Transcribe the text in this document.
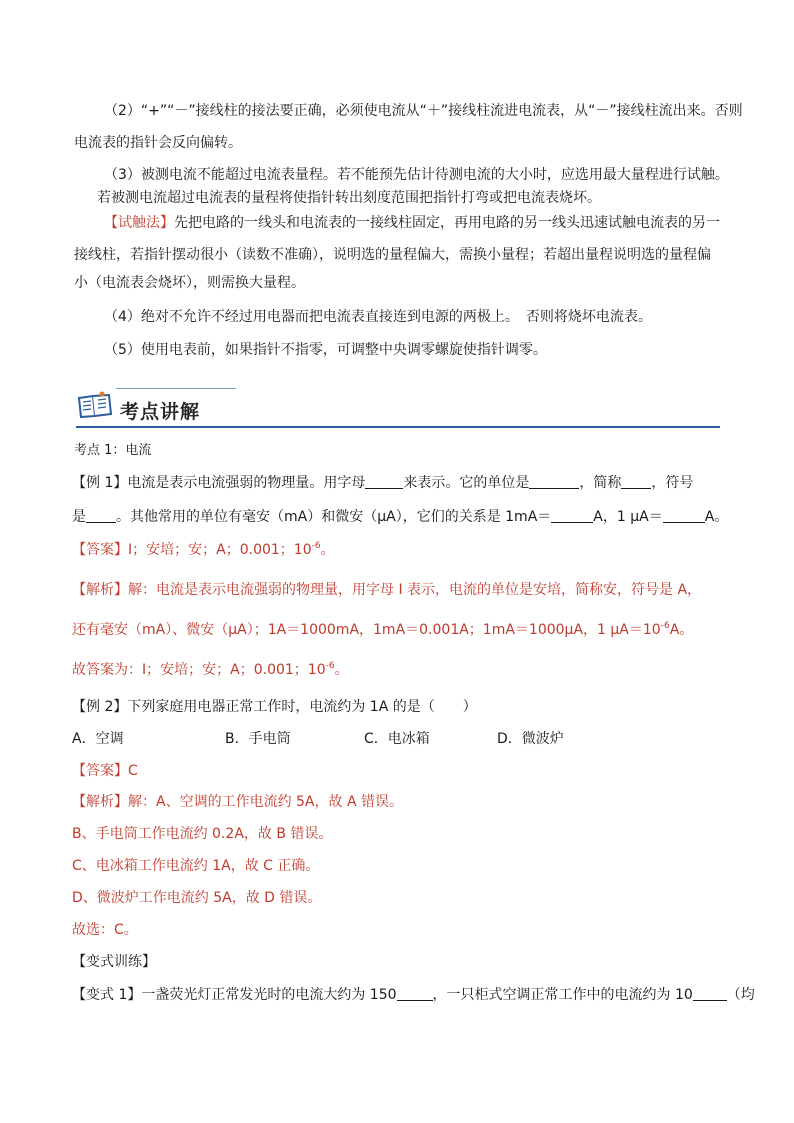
（2）“+”“－”接线柱的接法要正确，必须使电流从“＋”接线柱流进电流表，从“－”接线柱流出来。否则
电流表的指针会反向偏转。
（3）被测电流不能超过电流表量程。若不能预先估计待测电流的大小时，应选用最大量程进行试触。
若被测电流超过电流表的量程将使指针转出刻度范围把指针打弯或把电流表烧坏。
【试触法】先把电路的一线头和电流表的一接线柱固定，再用电路的另一线头迅速试触电流表的另一
接线柱，若指针摆动很小（读数不准确），说明选的量程偏大，需换小量程；若超出量程说明选的量程偏
小（电流表会烧坏），则需换大量程。
（4）绝对不允许不经过用电器而把电流表直接连到电源的两极上。　否则将烧坏电流表。
（5）使用电表前，如果指针不指零，可调整中央调零螺旋使指针调零。
考点讲解
考点 1：电流
【例 1】电流是表示电流强弱的物理量。用字母	来表示。它的单位是	，简称 ，符号
是 。其他常用的单位有毫安（mA）和微安（μA），它们的关系是 1mA＝	A，1 μA＝	A。
【答案】I；安培；安；A；0.001；$10^{-6}$。
【解析】解：电流是表示电流强弱的物理量，用字母 I 表示，电流的单位是安培，简称安，符号是 A，
还有毫安（mA）、微安（μA）；1A＝1000mA，1mA＝0.001A；1mA＝1000μA，1 $\mu A=10^{-6}A$。
故答案为：I；安培；安；A；0.001；$10^{-6}$。
【例 2】下列家庭用电器正常工作时，电流约为 1A 的是（　　）
A．空调	B．手电筒	C．电冰箱	D．微波炉
【答案】C
【解析】解：A、空调的工作电流约 5A，故 A 错误。
B、手电筒工作电流约 0.2A，故 B 错误。
C、电冰箱工作电流约 1A，故 C 正确。
D、微波炉工作电流约 5A，故 D 错误。
故选：C。
【变式训练】
【变式 1】一盏荧光灯正常发光时的电流大约为 150	，一只柜式空调正常工作中的电流约为 10 （均
